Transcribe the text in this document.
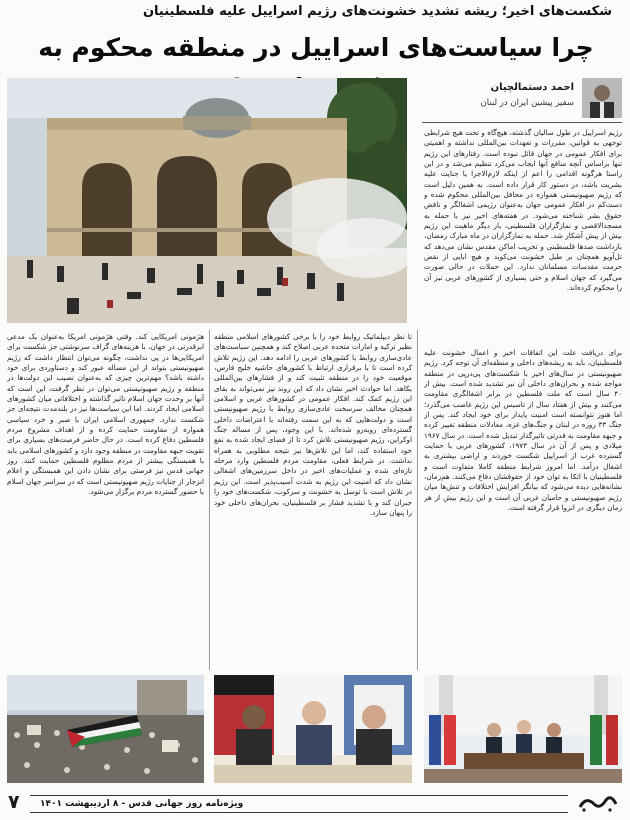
شکست‌های اخیر؛ ریشه تشدید خشونت‌های رژیم اسراییل علیه فلسطینیان
چرا سیاست‌های اسراییل در منطقه محکوم به
احمد دستمالچیان
سفیر پیشین ایران در لبنان

رژیم اسراییل در طول سالیان گذشته، هیچ‌گاه و تحت هیچ شرایطی توجهی به قوانین، مقررات و تعهدات بین‌المللی نداشته و اهمیتی برای افکار عمومی در جهان قائل نبوده است. رفتارهای این رژیم تنها براساس آنچه منافع آنها ایجاب می‌کرد تنظیم می‌شد و در این راستا هرگونه اقدامی را اعم از اینکه لازم‌الاجرا یا جنایت علیه بشریت باشد، در دستور کار قرار داده است. به همین دلیل است که رژیم صهیونیستی همواره در محافل بین‌المللی محکوم شده و دست‌کم در افکار عمومی جهان به‌عنوان رژیمی اشغالگر و ناقض حقوق بشر شناخته می‌شود. در هفته‌های اخیر نیز با حمله به مسجدالاقصی و نمازگزاران فلسطینی، بار دیگر ماهیت این رژیم بیش از پیش آشکار شد. حمله به نمازگزاران در ماه مبارک رمضان، بازداشت صدها فلسطینی و تخریب اماکن مقدس نشان می‌دهد که تل‌آویو همچنان بر طبل خشونت می‌کوبد و هیچ ابایی از نقض حرمت مقدسات مسلمانان ندارد. این حملات در حالی صورت می‌گیرد که جهان اسلام و حتی بسیاری از کشورهای عربی نیز آن را محکوم کرده‌اند.

برای دریافت علت این اتفاقات اخیر و اعمال خشونت علیه فلسطینیان، باید به ریشه‌های داخلی و منطقه‌ای آن توجه کرد. رژیم صهیونیستی در سال‌های اخیر با شکست‌های پی‌درپی در منطقه مواجه شده و بحران‌های داخلی آن نیز تشدید شده است. بیش از ۴۰ سال است که ملت فلسطین در برابر اشغالگری مقاومت می‌کنند و بیش از هفتاد سال از تاسیس این رژیم غاصب می‌گذرد؛ اما هنوز نتوانسته است امنیت پایدار برای خود ایجاد کند. پس از جنگ ۳۳ روزه در لبنان و جنگ‌های غزه، معادلات منطقه تغییر کرده و جبهه مقاومت به قدرتی تاثیرگذار تبدیل شده است. در سال ۱۹۶۷ میلادی و پس از آن در سال ۱۹۷۳، کشورهای عربی با حمایت گسترده غرب از اسراییل شکست خوردند و اراضی بیشتری به اشغال درآمد. اما امروز شرایط منطقه کاملا متفاوت است و فلسطینیان با اتکا به توان خود از حقوقشان دفاع می‌کنند. هم‌زمان، نشانه‌هایی دیده می‌شود که بیانگر افزایش اختلافات و تنش‌ها میان رژیم صهیونیستی و حامیان غربی آن است و این رژیم بیش از هر زمان دیگری در انزوا قرار گرفته است.

تا نظر دیپلماتیک روابط خود را با برخی کشورهای اسلامی منطقه نظیر ترکیه و امارات متحده عربی اصلاح کند و همچنین سیاست‌های عادی‌سازی روابط با کشورهای عربی را ادامه دهد. این رژیم تلاش کرده است تا با برقراری ارتباط با کشورهای حاشیه خلیج فارس، موقعیت خود را در منطقه تثبیت کند و از فشارهای بین‌المللی بکاهد. اما حوادث اخیر نشان داد که این روند نیز نمی‌تواند به بقای این رژیم کمک کند. افکار عمومی در کشورهای عربی و اسلامی همچنان مخالف سرسخت عادی‌سازی روابط با رژیم صهیونیستی است و دولت‌هایی که به این سمت رفته‌اند با اعتراضات داخلی گسترده‌ای روبه‌رو شده‌اند. با این وجود، پس از مساله جنگ اوکراین، رژیم صهیونیستی تلاش کرد تا از فضای ایجاد شده به نفع خود استفاده کند، اما این تلاش‌ها نیز نتیجه مطلوبی به همراه نداشت. در شرایط فعلی، مقاومت مردم فلسطین وارد مرحله تازه‌ای شده و عملیات‌های اخیر در داخل سرزمین‌های اشغالی نشان داد که امنیت این رژیم به شدت آسیب‌پذیر است. این رژیم در تلاش است با توسل به خشونت و سرکوب، شکست‌های خود را جبران کند و با تشدید فشار بر فلسطینیان، بحران‌های داخلی خود را پنهان سازد.

هژمونی امریکایی کند. وقتی هژمونی امریکا به‌عنوان یک مدعی ابرقدرتی در جهان، با هزینه‌های گزاف سرنوشتی جز شکست برای امریکایی‌ها در پی نداشت، چگونه می‌توان انتظار داشت که رژیم صهیونیستی بتواند از این مساله عبور کند و دستاوردی برای خود داشته باشد؟ مهم‌ترین چیزی که به‌عنوان نصیب این دولت‌ها در منطقه و رژیم صهیونیستی می‌توان در نظر گرفت، این است که آنها بر وحدت جهان اسلام تاثیر گذاشته و اختلافاتی میان کشورهای اسلامی ایجاد کردند. اما این سیاست‌ها نیز در بلندمدت نتیجه‌ای جز شکست ندارد. جمهوری اسلامی ایران با صبر و خرد سیاسی همواره از مقاومت حمایت کرده و از اهداف مشروع مردم فلسطین دفاع کرده است. در حال حاضر فرصت‌های بسیاری برای تقویت جبهه مقاومت در منطقه وجود دارد و کشورهای اسلامی باید با همبستگی بیشتر از مردم مظلوم فلسطین حمایت کنند. روز جهانی قدس نیز فرصتی برای نشان دادن این همبستگی و اعلام انزجار از جنایات رژیم صهیونیستی است که در سراسر جهان اسلام با حضور گسترده مردم برگزار می‌شود.

۷ ویژه‌نامه روز جهانی قدس - ۸ اردیبهشت ۱۴۰۱
